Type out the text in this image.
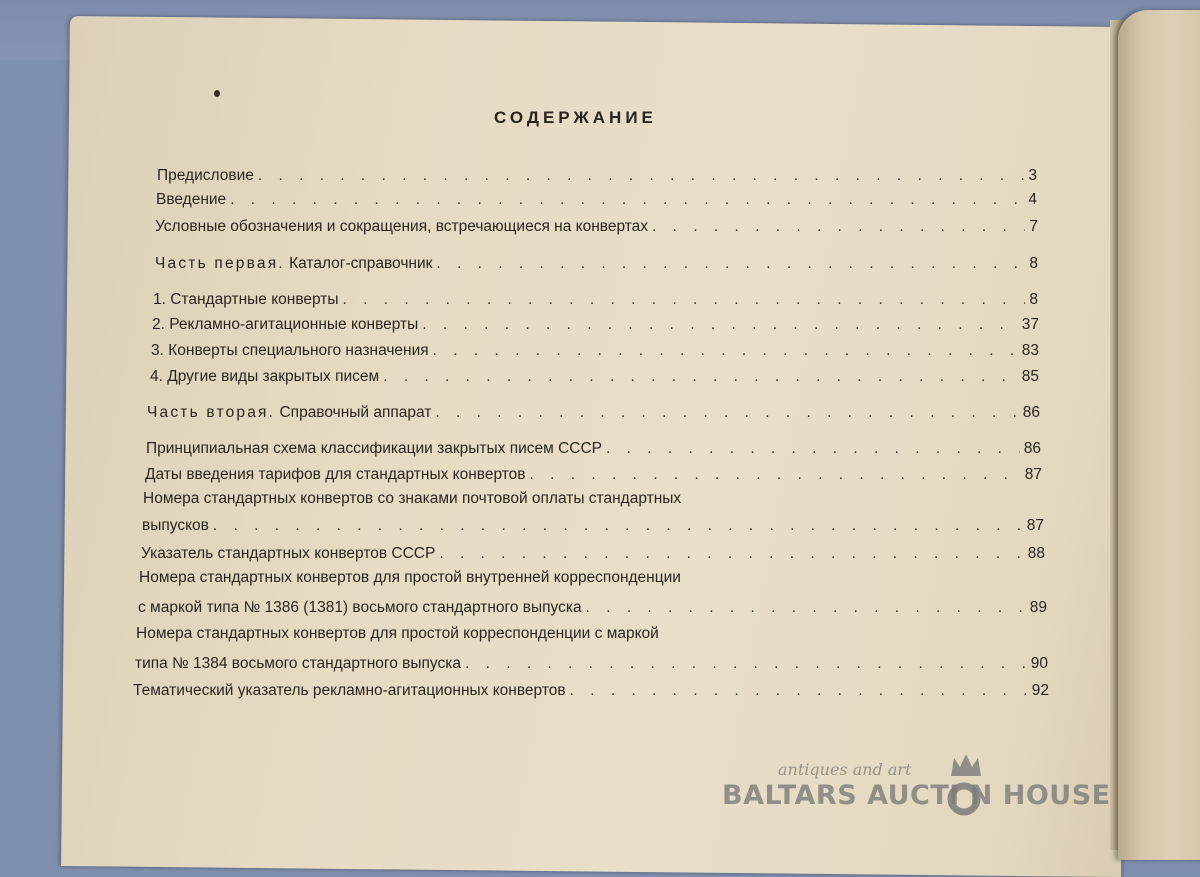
СОДЕРЖАНИЕ
Предисловие . . .	3
Введение . . .	4
Условные обозначения и сокращения, встречающиеся на конвертах . . .	7
Часть первая. Каталог-справочник . . .	8
1. Стандартные конверты . . .	8
2. Рекламно-агитационные конверты . . .	37
3. Конверты специального назначения . . .	83
4. Другие виды закрытых писем . . .	85
Часть вторая. Справочный аппарат . . .	86
Принципиальная схема классификации закрытых писем СССР . . .	86
Даты введения тарифов для стандартных конвертов . . .	87
Номера стандартных конвертов со знаками почтовой оплаты стандартных
выпусков . . .	87
Указатель стандартных конвертов СССР . . .	88
Номера стандартных конвертов для простой внутренней корреспонденции
с маркой типа № 1386 (1381) восьмого стандартного выпуска . . .	89
Номера стандартных конвертов для простой корреспонденции с маркой
типа № 1384 восьмого стандартного выпуска . . .	90
Тематический указатель рекламно-агитационных конвертов . . .	92
antiques and art
BALTARS AUCTI N HOUSE
